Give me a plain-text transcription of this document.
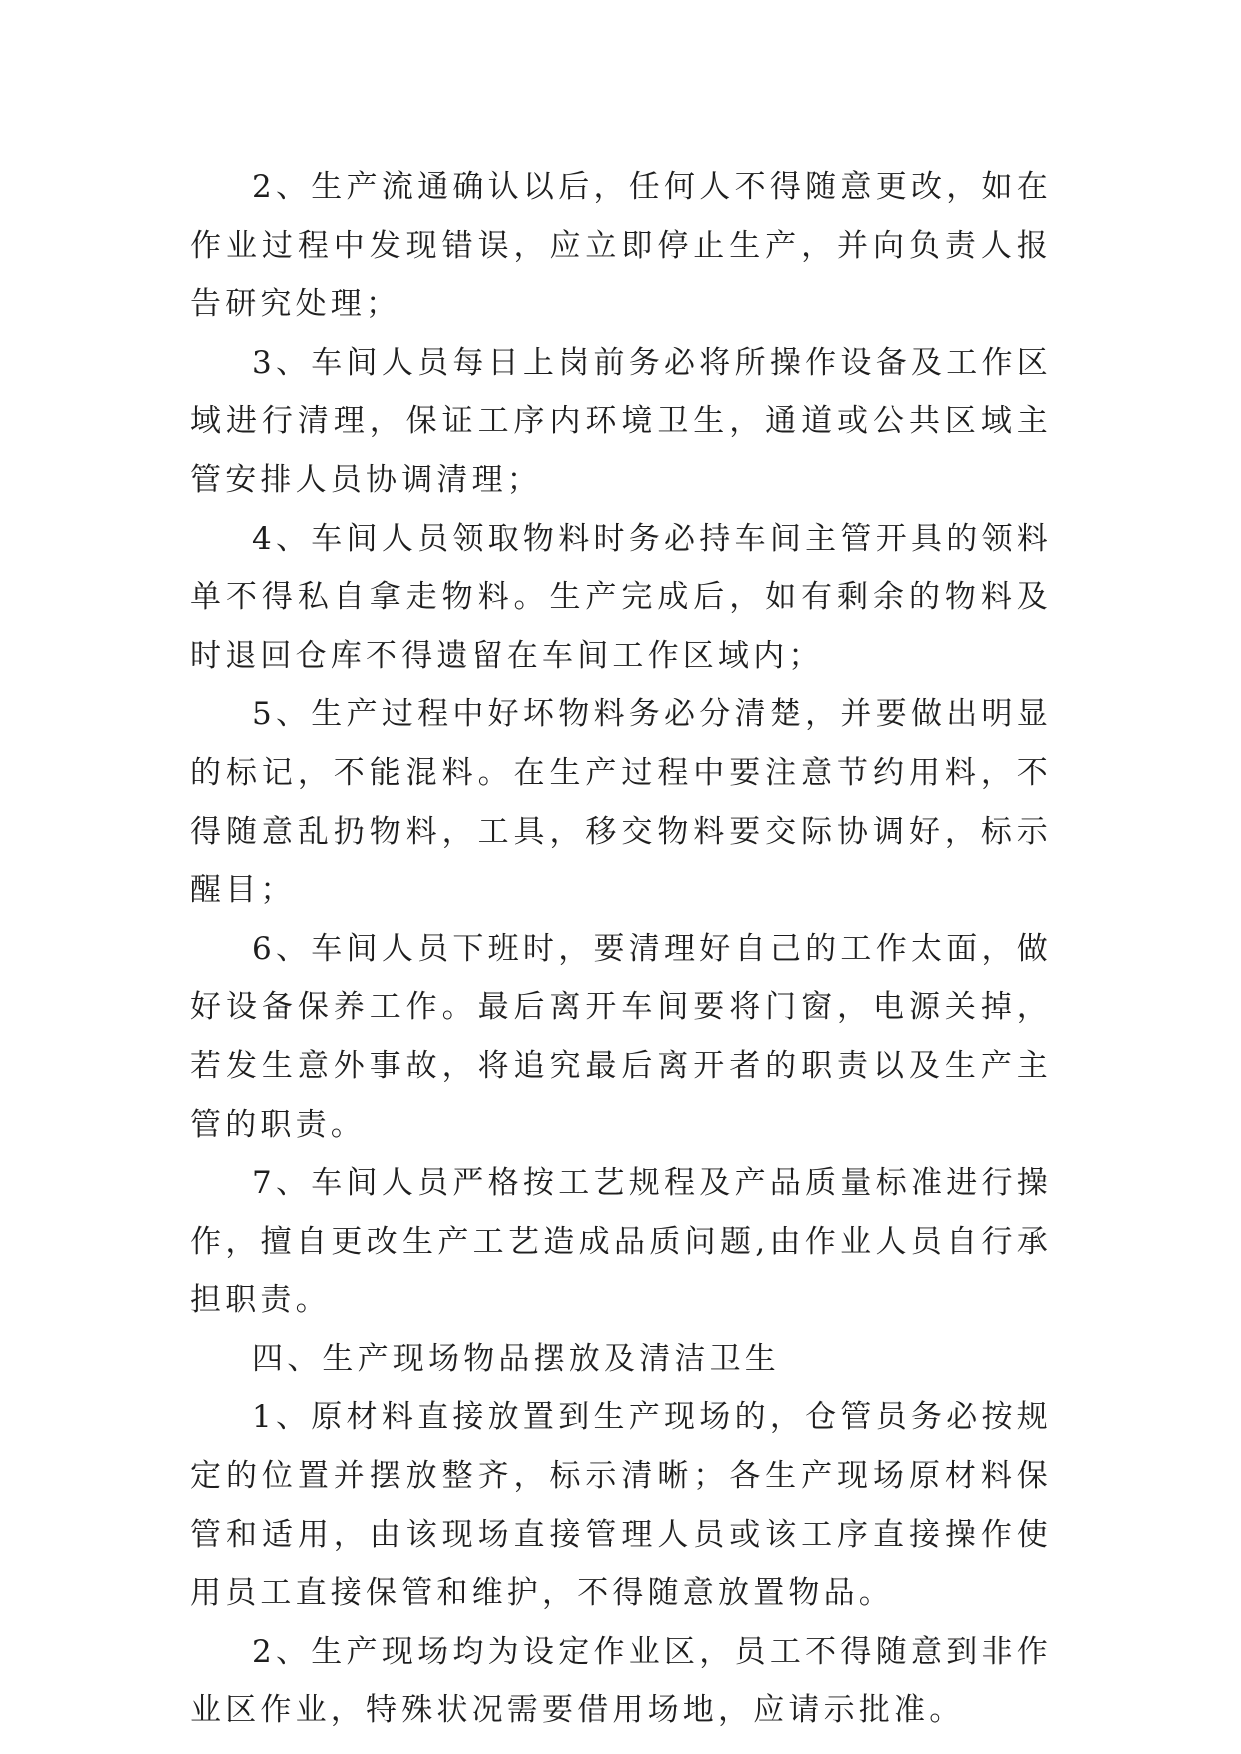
2、生产流通确认以后，任何人不得随意更改，如在作业过程中发现错误，应立即停止生产，并向负责人报告研究处理；

3、车间人员每日上岗前务必将所操作设备及工作区域进行清理，保证工序内环境卫生，通道或公共区域主管安排人员协调清理；

4、车间人员领取物料时务必持车间主管开具的领料单不得私自拿走物料。生产完成后，如有剩余的物料及时退回仓库不得遗留在车间工作区域内；

5、生产过程中好坏物料务必分清楚，并要做出明显的标记，不能混料。在生产过程中要注意节约用料，不得随意乱扔物料，工具，移交物料要交际协调好，标示醒目；

6、车间人员下班时，要清理好自己的工作太面，做好设备保养工作。最后离开车间要将门窗，电源关掉，若发生意外事故，将追究最后离开者的职责以及生产主管的职责。

7、车间人员严格按工艺规程及产品质量标准进行操作，擅自更改生产工艺造成品质问题,由作业人员自行承担职责。

四、生产现场物品摆放及清洁卫生

1、原材料直接放置到生产现场的，仓管员务必按规定的位置并摆放整齐，标示清晰；各生产现场原材料保管和适用，由该现场直接管理人员或该工序直接操作使用员工直接保管和维护，不得随意放置物品。

2、生产现场均为设定作业区，员工不得随意到非作业区作业，特殊状况需要借用场地，应请示批准。
